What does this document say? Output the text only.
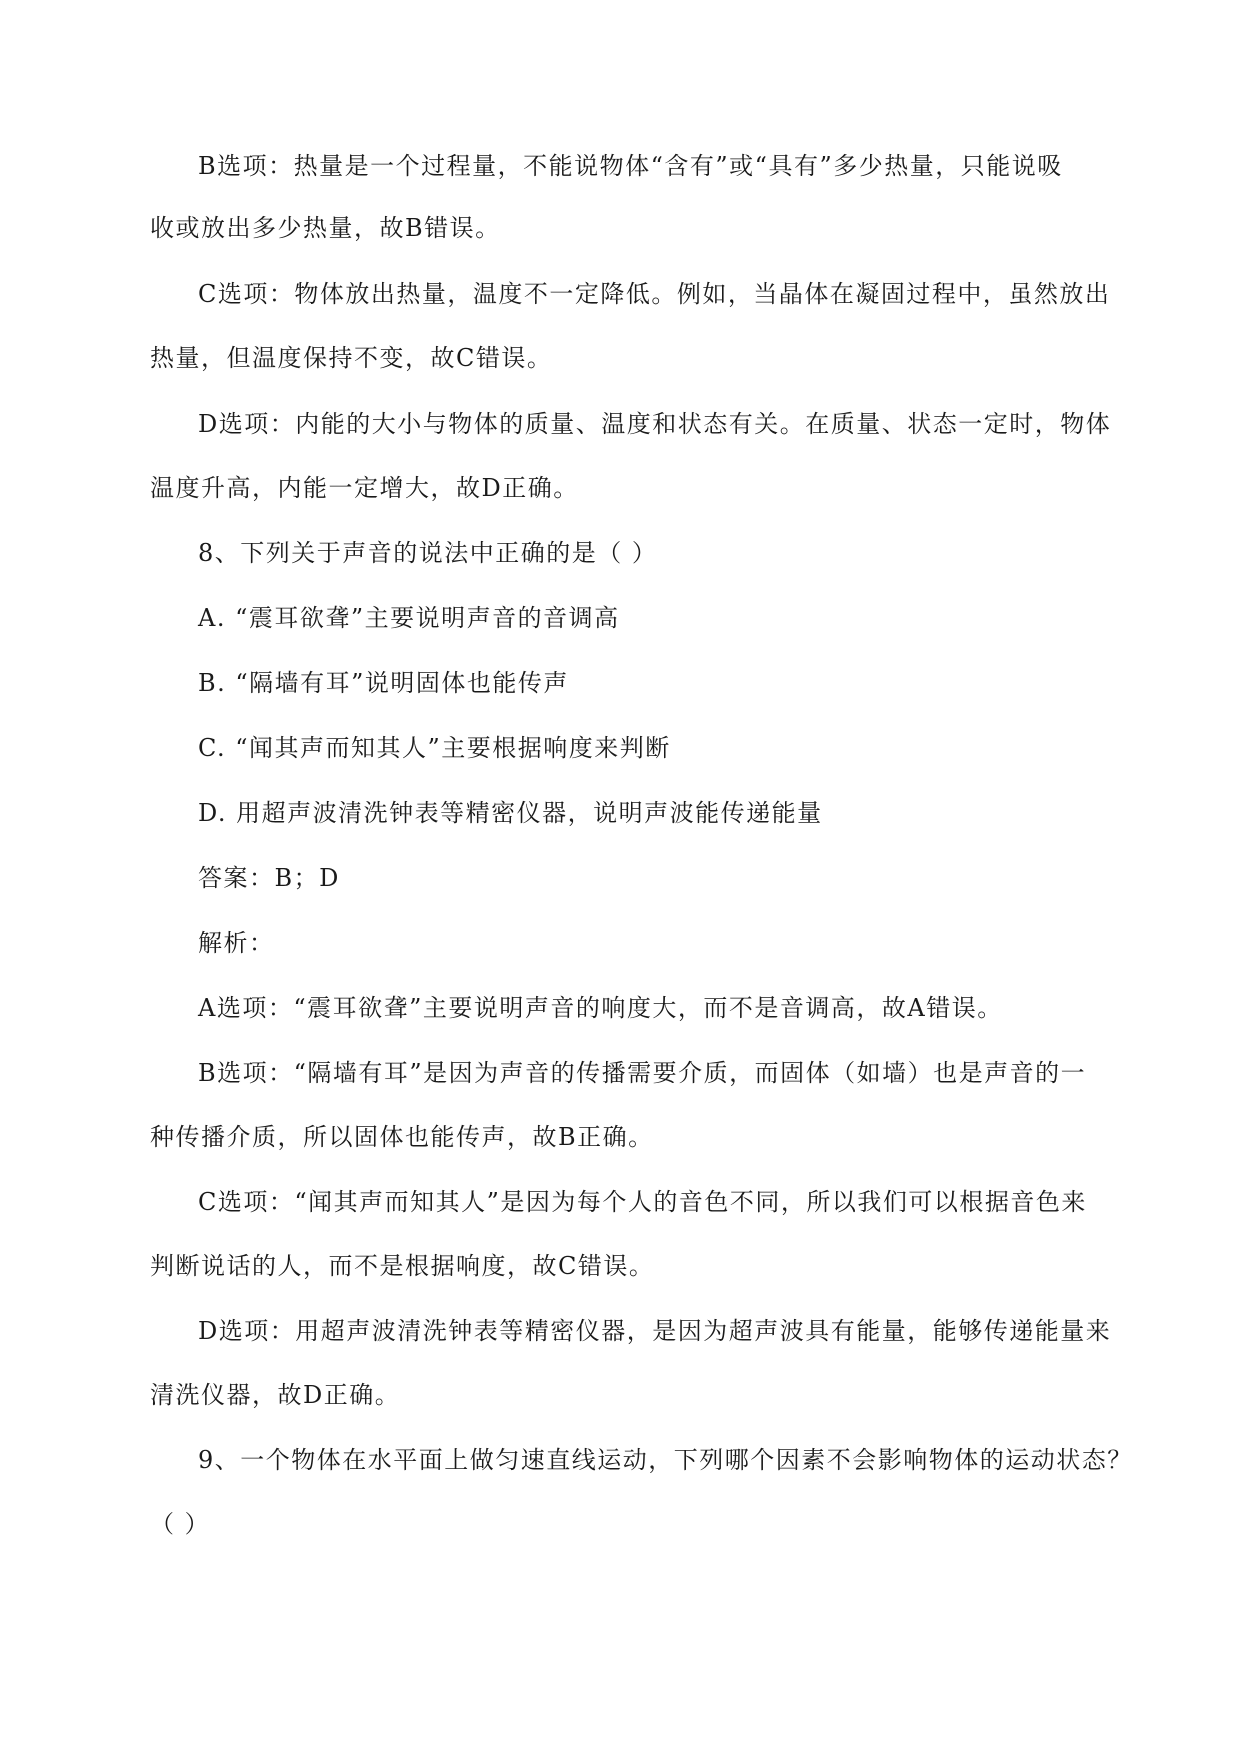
B选项：热量是一个过程量，不能说物体“含有”或“具有”多少热量，只能说吸

收或放出多少热量，故B错误。

C选项：物体放出热量，温度不一定降低。例如，当晶体在凝固过程中，虽然放出

热量，但温度保持不变，故C错误。

D选项：内能的大小与物体的质量、温度和状态有关。在质量、状态一定时，物体

温度升高，内能一定增大，故D正确。

8、下列关于声音的说法中正确的是（ ）

A. “震耳欲聋”主要说明声音的音调高

B. “隔墙有耳”说明固体也能传声

C. “闻其声而知其人”主要根据响度来判断

D. 用超声波清洗钟表等精密仪器，说明声波能传递能量

答案：B；D

解析：

A选项：“震耳欲聋”主要说明声音的响度大，而不是音调高，故A错误。

B选项：“隔墙有耳”是因为声音的传播需要介质，而固体（如墙）也是声音的一

种传播介质，所以固体也能传声，故B正确。

C选项：“闻其声而知其人”是因为每个人的音色不同，所以我们可以根据音色来

判断说话的人，而不是根据响度，故C错误。

D选项：用超声波清洗钟表等精密仪器，是因为超声波具有能量，能够传递能量来

清洗仪器，故D正确。

9、一个物体在水平面上做匀速直线运动，下列哪个因素不会影响物体的运动状态？

（ ）
